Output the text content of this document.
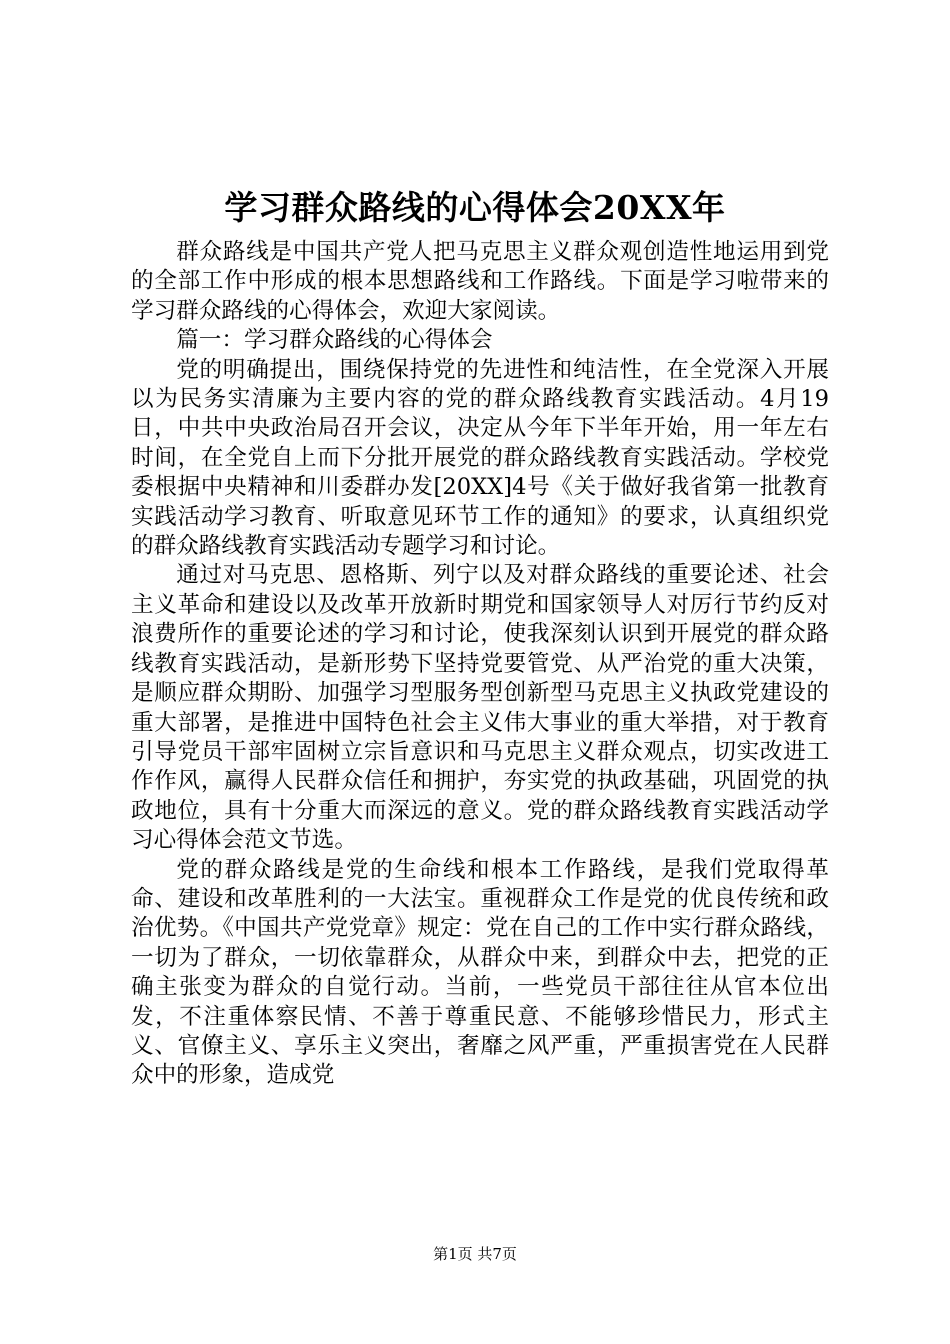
学习群众路线的心得体会20XX年

群众路线是中国共产党人把马克思主义群众观创造性地运用到党的全部工作中形成的根本思想路线和工作路线。下面是学习啦带来的学习群众路线的心得体会，欢迎大家阅读。

篇一：学习群众路线的心得体会

党的明确提出，围绕保持党的先进性和纯洁性，在全党深入开展以为民务实清廉为主要内容的党的群众路线教育实践活动。4月19日，中共中央政治局召开会议，决定从今年下半年开始，用一年左右时间，在全党自上而下分批开展党的群众路线教育实践活动。学校党委根据中央精神和川委群办发[20XX]4号《关于做好我省第一批教育实践活动学习教育、听取意见环节工作的通知》的要求，认真组织党的群众路线教育实践活动专题学习和讨论。

通过对马克思、恩格斯、列宁以及对群众路线的重要论述、社会主义革命和建设以及改革开放新时期党和国家领导人对厉行节约反对浪费所作的重要论述的学习和讨论，使我深刻认识到开展党的群众路线教育实践活动，是新形势下坚持党要管党、从严治党的重大决策，是顺应群众期盼、加强学习型服务型创新型马克思主义执政党建设的重大部署，是推进中国特色社会主义伟大事业的重大举措，对于教育引导党员干部牢固树立宗旨意识和马克思主义群众观点，切实改进工作作风，赢得人民群众信任和拥护，夯实党的执政基础，巩固党的执政地位，具有十分重大而深远的意义。党的群众路线教育实践活动学习心得体会范文节选。

党的群众路线是党的生命线和根本工作路线，是我们党取得革命、建设和改革胜利的一大法宝。重视群众工作是党的优良传统和政治优势。《中国共产党党章》规定：党在自己的工作中实行群众路线，一切为了群众，一切依靠群众，从群众中来，到群众中去，把党的正确主张变为群众的自觉行动。当前，一些党员干部往往从官本位出发，不注重体察民情、不善于尊重民意、不能够珍惜民力，形式主义、官僚主义、享乐主义突出，奢靡之风严重，严重损害党在人民群众中的形象，造成党

第1页 共7页
